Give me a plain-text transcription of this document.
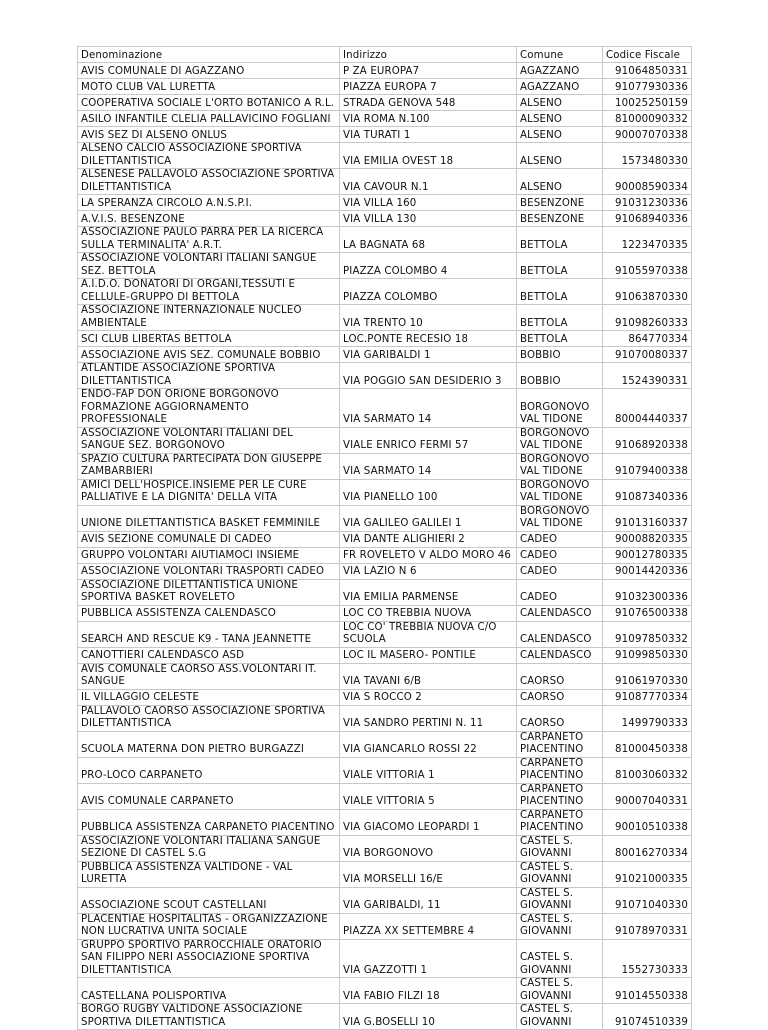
Denominazione	Indirizzo	Comune	Codice Fiscale
AVIS COMUNALE DI AGAZZANO	P ZA EUROPA7	AGAZZANO	91064850331
MOTO CLUB VAL LURETTA	PIAZZA EUROPA 7	AGAZZANO	91077930336
COOPERATIVA SOCIALE L'ORTO BOTANICO A R.L.	STRADA GENOVA 548	ALSENO	10025250159
ASILO INFANTILE CLELIA PALLAVICINO FOGLIANI	VIA ROMA N.100	ALSENO	81000090332
AVIS SEZ DI ALSENO ONLUS	VIA TURATI 1	ALSENO	90007070338
ALSENO CALCIO ASSOCIAZIONE SPORTIVA DILETTANTISTICA	VIA EMILIA OVEST 18	ALSENO	1573480330
ALSENESE PALLAVOLO ASSOCIAZIONE SPORTIVA DILETTANTISTICA	VIA CAVOUR N.1	ALSENO	90008590334
LA SPERANZA CIRCOLO A.N.S.P.I.	VIA VILLA 160	BESENZONE	91031230336
A.V.I.S. BESENZONE	VIA VILLA 130	BESENZONE	91068940336
ASSOCIAZIONE PAULO PARRA PER LA RICERCA SULLA TERMINALITA' A.R.T.	LA BAGNATA 68	BETTOLA	1223470335
ASSOCIAZIONE VOLONTARI ITALIANI SANGUE SEZ. BETTOLA	PIAZZA COLOMBO 4	BETTOLA	91055970338
A.I.D.O. DONATORI DI ORGANI,TESSUTI E CELLULE-GRUPPO DI BETTOLA	PIAZZA COLOMBO	BETTOLA	91063870330
ASSOCIAZIONE INTERNAZIONALE NUCLEO AMBIENTALE	VIA TRENTO 10	BETTOLA	91098260333
SCI CLUB LIBERTAS BETTOLA	LOC.PONTE RECESIO 18	BETTOLA	864770334
ASSOCIAZIONE AVIS SEZ. COMUNALE BOBBIO	VIA GARIBALDI 1	BOBBIO	91070080337
ATLANTIDE ASSOCIAZIONE SPORTIVA DILETTANTISTICA	VIA POGGIO SAN DESIDERIO 3	BOBBIO	1524390331
ENDO-FAP DON ORIONE BORGONOVO FORMAZIONE AGGIORNAMENTO PROFESSIONALE	VIA SARMATO 14	BORGONOVO VAL TIDONE	80004440337
ASSOCIAZIONE VOLONTARI ITALIANI DEL SANGUE SEZ. BORGONOVO	VIALE ENRICO FERMI 57	BORGONOVO VAL TIDONE	91068920338
SPAZIO CULTURA PARTECIPATA DON GIUSEPPE ZAMBARBIERI	VIA SARMATO 14	BORGONOVO VAL TIDONE	91079400338
AMICI DELL'HOSPICE.INSIEME PER LE CURE PALLIATIVE E LA DIGNITA' DELLA VITA	VIA PIANELLO 100	BORGONOVO VAL TIDONE	91087340336
UNIONE DILETTANTISTICA BASKET FEMMINILE	VIA GALILEO GALILEI 1	BORGONOVO VAL TIDONE	91013160337
AVIS SEZIONE COMUNALE DI CADEO	VIA DANTE ALIGHIERI 2	CADEO	90008820335
GRUPPO VOLONTARI AIUTIAMOCI INSIEME	FR ROVELETO V ALDO MORO 46	CADEO	90012780335
ASSOCIAZIONE VOLONTARI TRASPORTI CADEO	VIA LAZIO N 6	CADEO	90014420336
ASSOCIAZIONE DILETTANTISTICA UNIONE SPORTIVA BASKET ROVELETO	VIA EMILIA PARMENSE	CADEO	91032300336
PUBBLICA ASSISTENZA CALENDASCO	LOC CO TREBBIA NUOVA	CALENDASCO	91076500338
SEARCH AND RESCUE K9 - TANA JEANNETTE	LOC CO' TREBBIA NUOVA C/O SCUOLA	CALENDASCO	91097850332
CANOTTIERI CALENDASCO ASD	LOC IL MASERO- PONTILE	CALENDASCO	91099850330
AVIS COMUNALE CAORSO ASS.VOLONTARI IT. SANGUE	VIA TAVANI 6/B	CAORSO	91061970330
IL VILLAGGIO CELESTE	VIA S ROCCO 2	CAORSO	91087770334
PALLAVOLO CAORSO ASSOCIAZIONE SPORTIVA DILETTANTISTICA	VIA SANDRO PERTINI N. 11	CAORSO	1499790333
SCUOLA MATERNA DON PIETRO BURGAZZI	VIA GIANCARLO ROSSI 22	CARPANETO PIACENTINO	81000450338
PRO-LOCO CARPANETO	VIALE VITTORIA 1	CARPANETO PIACENTINO	81003060332
AVIS COMUNALE CARPANETO	VIALE VITTORIA 5	CARPANETO PIACENTINO	90007040331
PUBBLICA ASSISTENZA CARPANETO PIACENTINO	VIA GIACOMO LEOPARDI 1	CARPANETO PIACENTINO	90010510338
ASSOCIAZIONE VOLONTARI ITALIANA SANGUE SEZIONE DI CASTEL S.G	VIA BORGONOVO	CASTEL S. GIOVANNI	80016270334
PUBBLICA ASSISTENZA VALTIDONE - VAL LURETTA	VIA MORSELLI 16/E	CASTEL S. GIOVANNI	91021000335
ASSOCIAZIONE SCOUT CASTELLANI	VIA GARIBALDI, 11	CASTEL S. GIOVANNI	91071040330
PLACENTIAE HOSPITALITAS - ORGANIZZAZIONE NON LUCRATIVA UNITA SOCIALE	PIAZZA XX SETTEMBRE 4	CASTEL S. GIOVANNI	91078970331
GRUPPO SPORTIVO PARROCCHIALE ORATORIO SAN FILIPPO NERI ASSOCIAZIONE SPORTIVA DILETTANTISTICA	VIA GAZZOTTI 1	CASTEL S. GIOVANNI	1552730333
CASTELLANA POLISPORTIVA	VIA FABIO FILZI 18	CASTEL S. GIOVANNI	91014550338
BORGO RUGBY VALTIDONE ASSOCIAZIONE SPORTIVA DILETTANTISTICA	VIA G.BOSELLI 10	CASTEL S. GIOVANNI	91074510339
